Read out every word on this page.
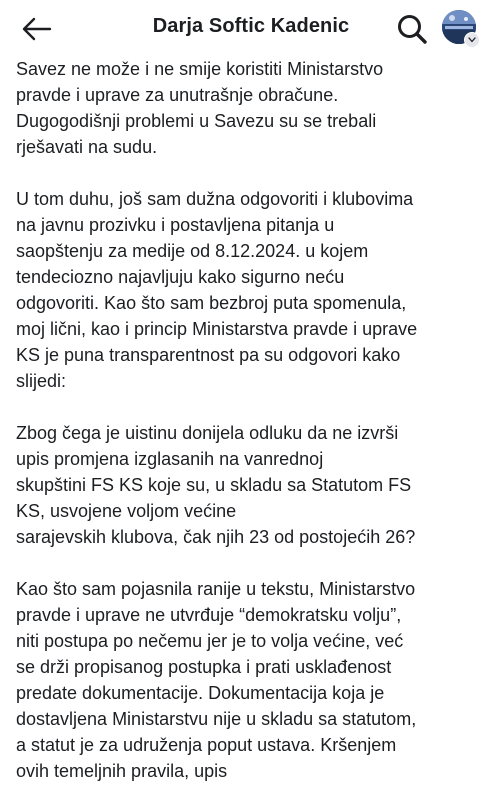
Darja Softic Kadenic

Savez ne može i ne smije koristiti Ministarstvo
pravde i uprave za unutrašnje obračune.
Dugogodišnji problemi u Savezu su se trebali
rješavati na sudu.

U tom duhu, još sam dužna odgovoriti i klubovima
na javnu prozivku i postavljena pitanja u
saopštenju za medije od 8.12.2024. u kojem
tendeciozno najavljuju kako sigurno neću
odgovoriti. Kao što sam bezbroj puta spomenula,
moj lični, kao i princip Ministarstva pravde i uprave
KS je puna transparentnost pa su odgovori kako
slijedi:

Zbog čega je uistinu donijela odluku da ne izvrši
upis promjena izglasanih na vanrednoj
skupštini FS KS koje su, u skladu sa Statutom FS
KS, usvojene voljom većine
sarajevskih klubova, čak njih 23 od postojećih 26?

Kao što sam pojasnila ranije u tekstu, Ministarstvo
pravde i uprave ne utvrđuje “demokratsku volju”,
niti postupa po nečemu jer je to volja većine, već
se drži propisanog postupka i prati usklađenost
predate dokumentacije. Dokumentacija koja je
dostavljena Ministarstvu nije u skladu sa statutom,
a statut je za udruženja poput ustava. Kršenjem
ovih temeljnih pravila, upis
